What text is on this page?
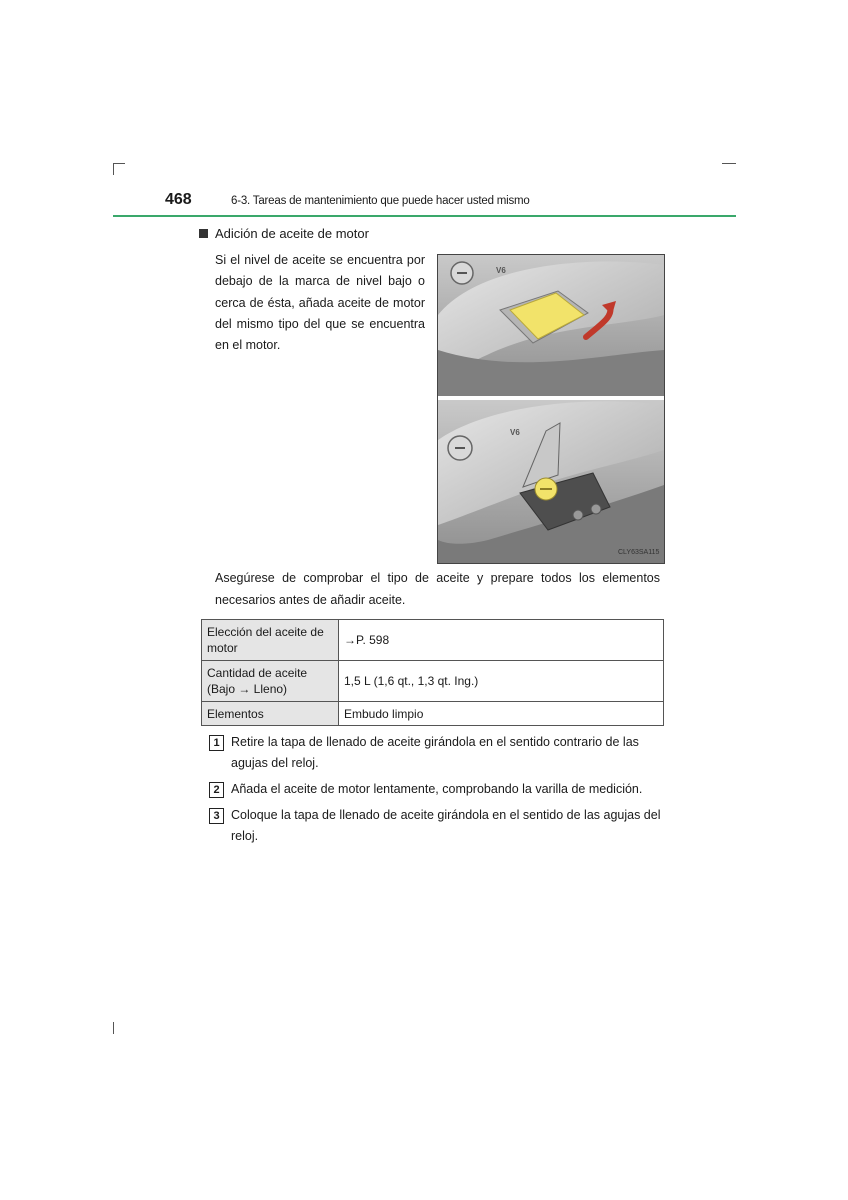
468	6-3. Tareas de mantenimiento que puede hacer usted mismo
Adición de aceite de motor
Si el nivel de aceite se encuentra por debajo de la marca de nivel bajo o cerca de ésta, añada aceite de motor del mismo tipo del que se encuentra en el motor.
V6
V6
CLY63SA115
Asegúrese de comprobar el tipo de aceite y prepare todos los elementos necesarios antes de añadir aceite.
Elección del aceite de motor	→P. 598
Cantidad de aceite (Bajo → Lleno)	1,5 L (1,6 qt., 1,3 qt. Ing.)
Elementos	Embudo limpio
1 Retire la tapa de llenado de aceite girándola en el sentido contrario de las agujas del reloj.
2 Añada el aceite de motor lentamente, comprobando la varilla de medición.
3 Coloque la tapa de llenado de aceite girándola en el sentido de las agujas del reloj.
